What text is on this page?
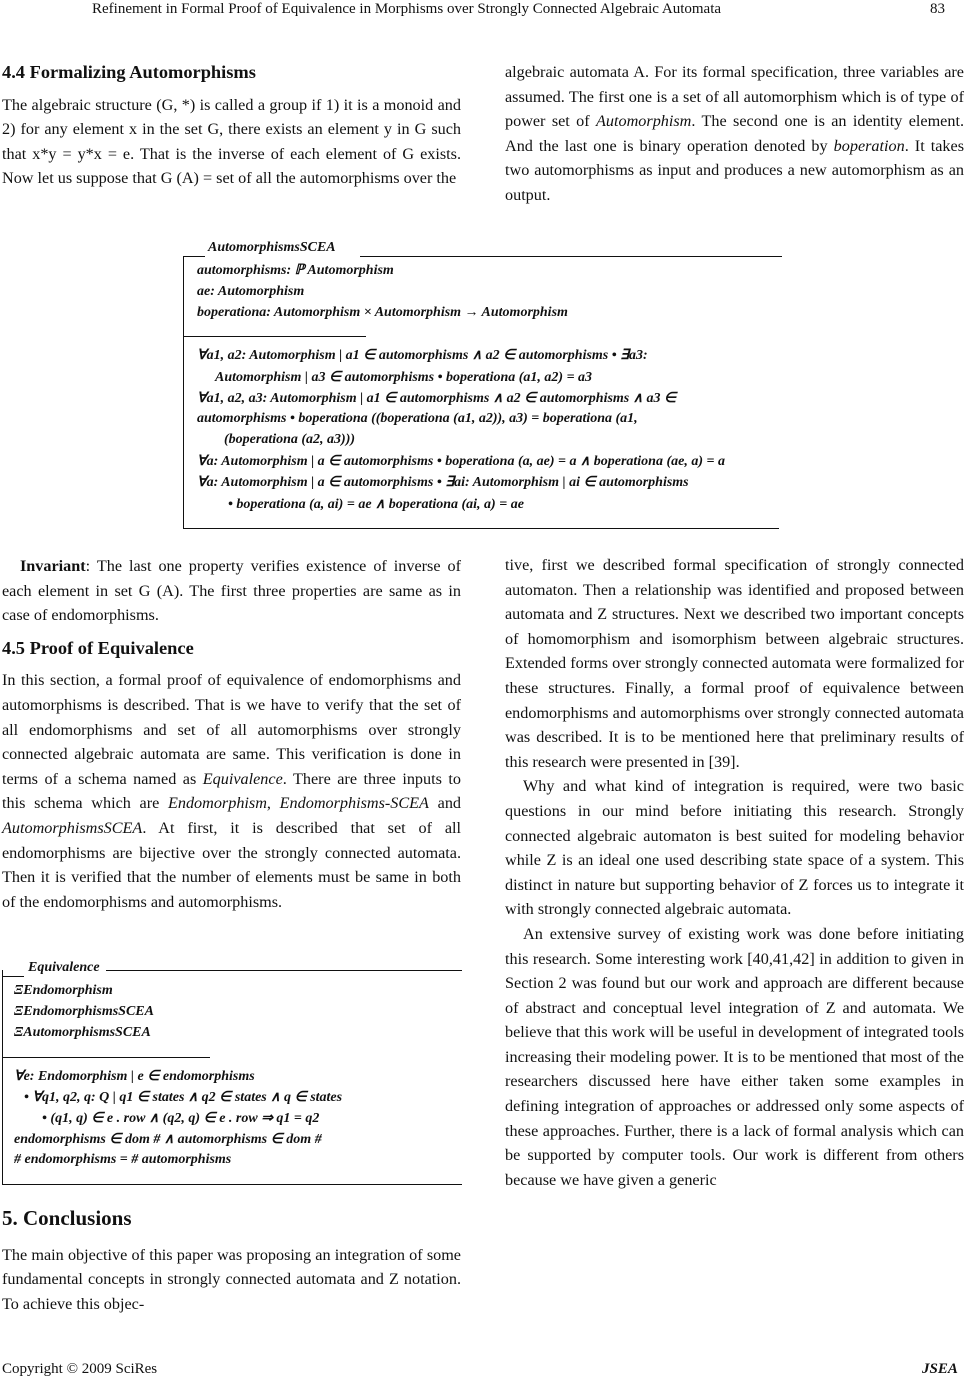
Refinement in Formal Proof of Equivalence in Morphisms over Strongly Connected Algebraic Automata	83

4.4 Formalizing Automorphisms

The algebraic structure (G, *) is called a group if 1) it is a monoid and 2) for any element x in the set G, there exists an element y in G such that x*y = y*x = e. That is the inverse of each element of G exists. Now let us suppose that G (A) = set of all the automorphisms over the

algebraic automata A. For its formal specification, three variables are assumed. The first one is a set of all automorphism which is of type of power set of Automorphism. The second one is an identity element. And the last one is binary operation denoted by boperation. It takes two automorphisms as input and produces a new automorphism as an output.

AutomorphismsSCEA
automorphisms: ℙ Automorphism
ae: Automorphism
boperationa: Automorphism × Automorphism → Automorphism
∀a1, a2: Automorphism | a1 ∈ automorphisms ∧ a2 ∈ automorphisms • ∃a3:
Automorphism | a3 ∈ automorphisms • boperationa (a1, a2) = a3
∀a1, a2, a3: Automorphism | a1 ∈ automorphisms ∧ a2 ∈ automorphisms ∧ a3 ∈
automorphisms • boperationa ((boperationa (a1, a2)), a3) = boperationa (a1,
(boperationa (a2, a3)))
∀a: Automorphism | a ∈ automorphisms • boperationa (a, ae) = a ∧ boperationa (ae, a) = a
∀a: Automorphism | a ∈ automorphisms • ∃ai: Automorphism | ai ∈ automorphisms
• boperationa (a, ai) = ae ∧ boperationa (ai, a) = ae

Invariant: The last one property verifies existence of inverse of each element in set G (A). The first three properties are same as in case of endomorphisms.

4.5 Proof of Equivalence

In this section, a formal proof of equivalence of endomorphisms and automorphisms is described. That is we have to verify that the set of all endomorphisms and set of all automorphisms over strongly connected algebraic automata are same. This verification is done in terms of a schema named as Equivalence. There are three inputs to this schema which are Endomorphism, Endomorphisms-SCEA and AutomorphismsSCEA. At first, it is described that set of all endomorphisms are bijective over the strongly connected automata. Then it is verified that the number of elements must be same in both of the endomorphisms and automorphisms.

Equivalence
ΞEndomorphism
ΞEndomorphismsSCEA
ΞAutomorphismsSCEA
∀e: Endomorphism | e ∈ endomorphisms
• ∀q1, q2, q: Q | q1 ∈ states ∧ q2 ∈ states ∧ q ∈ states
• (q1, q) ∈ e . row ∧ (q2, q) ∈ e . row ⇒ q1 = q2
endomorphisms ∈ dom # ∧ automorphisms ∈ dom #
# endomorphisms = # automorphisms

5. Conclusions

The main objective of this paper was proposing an integration of some fundamental concepts in strongly connected automata and Z notation. To achieve this objec-

tive, first we described formal specification of strongly connected automaton. Then a relationship was identified and proposed between automata and Z structures. Next we described two important concepts of homomorphism and isomorphism between algebraic structures. Extended forms over strongly connected automata were formalized for these structures. Finally, a formal proof of equivalence between endomorphisms and automorphisms over strongly connected automata was described. It is to be mentioned here that preliminary results of this research were presented in [39].

Why and what kind of integration is required, were two basic questions in our mind before initiating this research. Strongly connected algebraic automaton is best suited for modeling behavior while Z is an ideal one used describing state space of a system. This distinct in nature but supporting behavior of Z forces us to integrate it with strongly connected algebraic automata.

An extensive survey of existing work was done before initiating this research. Some interesting work [40,41,42] in addition to given in Section 2 was found but our work and approach are different because of abstract and conceptual level integration of Z and automata. We believe that this work will be useful in development of integrated tools increasing their modeling power. It is to be mentioned that most of the researchers discussed here have either taken some examples in defining integration of approaches or addressed only some aspects of these approaches. Further, there is a lack of formal analysis which can be supported by computer tools. Our work is different from others because we have given a generic

Copyright © 2009 SciRes	JSEA
